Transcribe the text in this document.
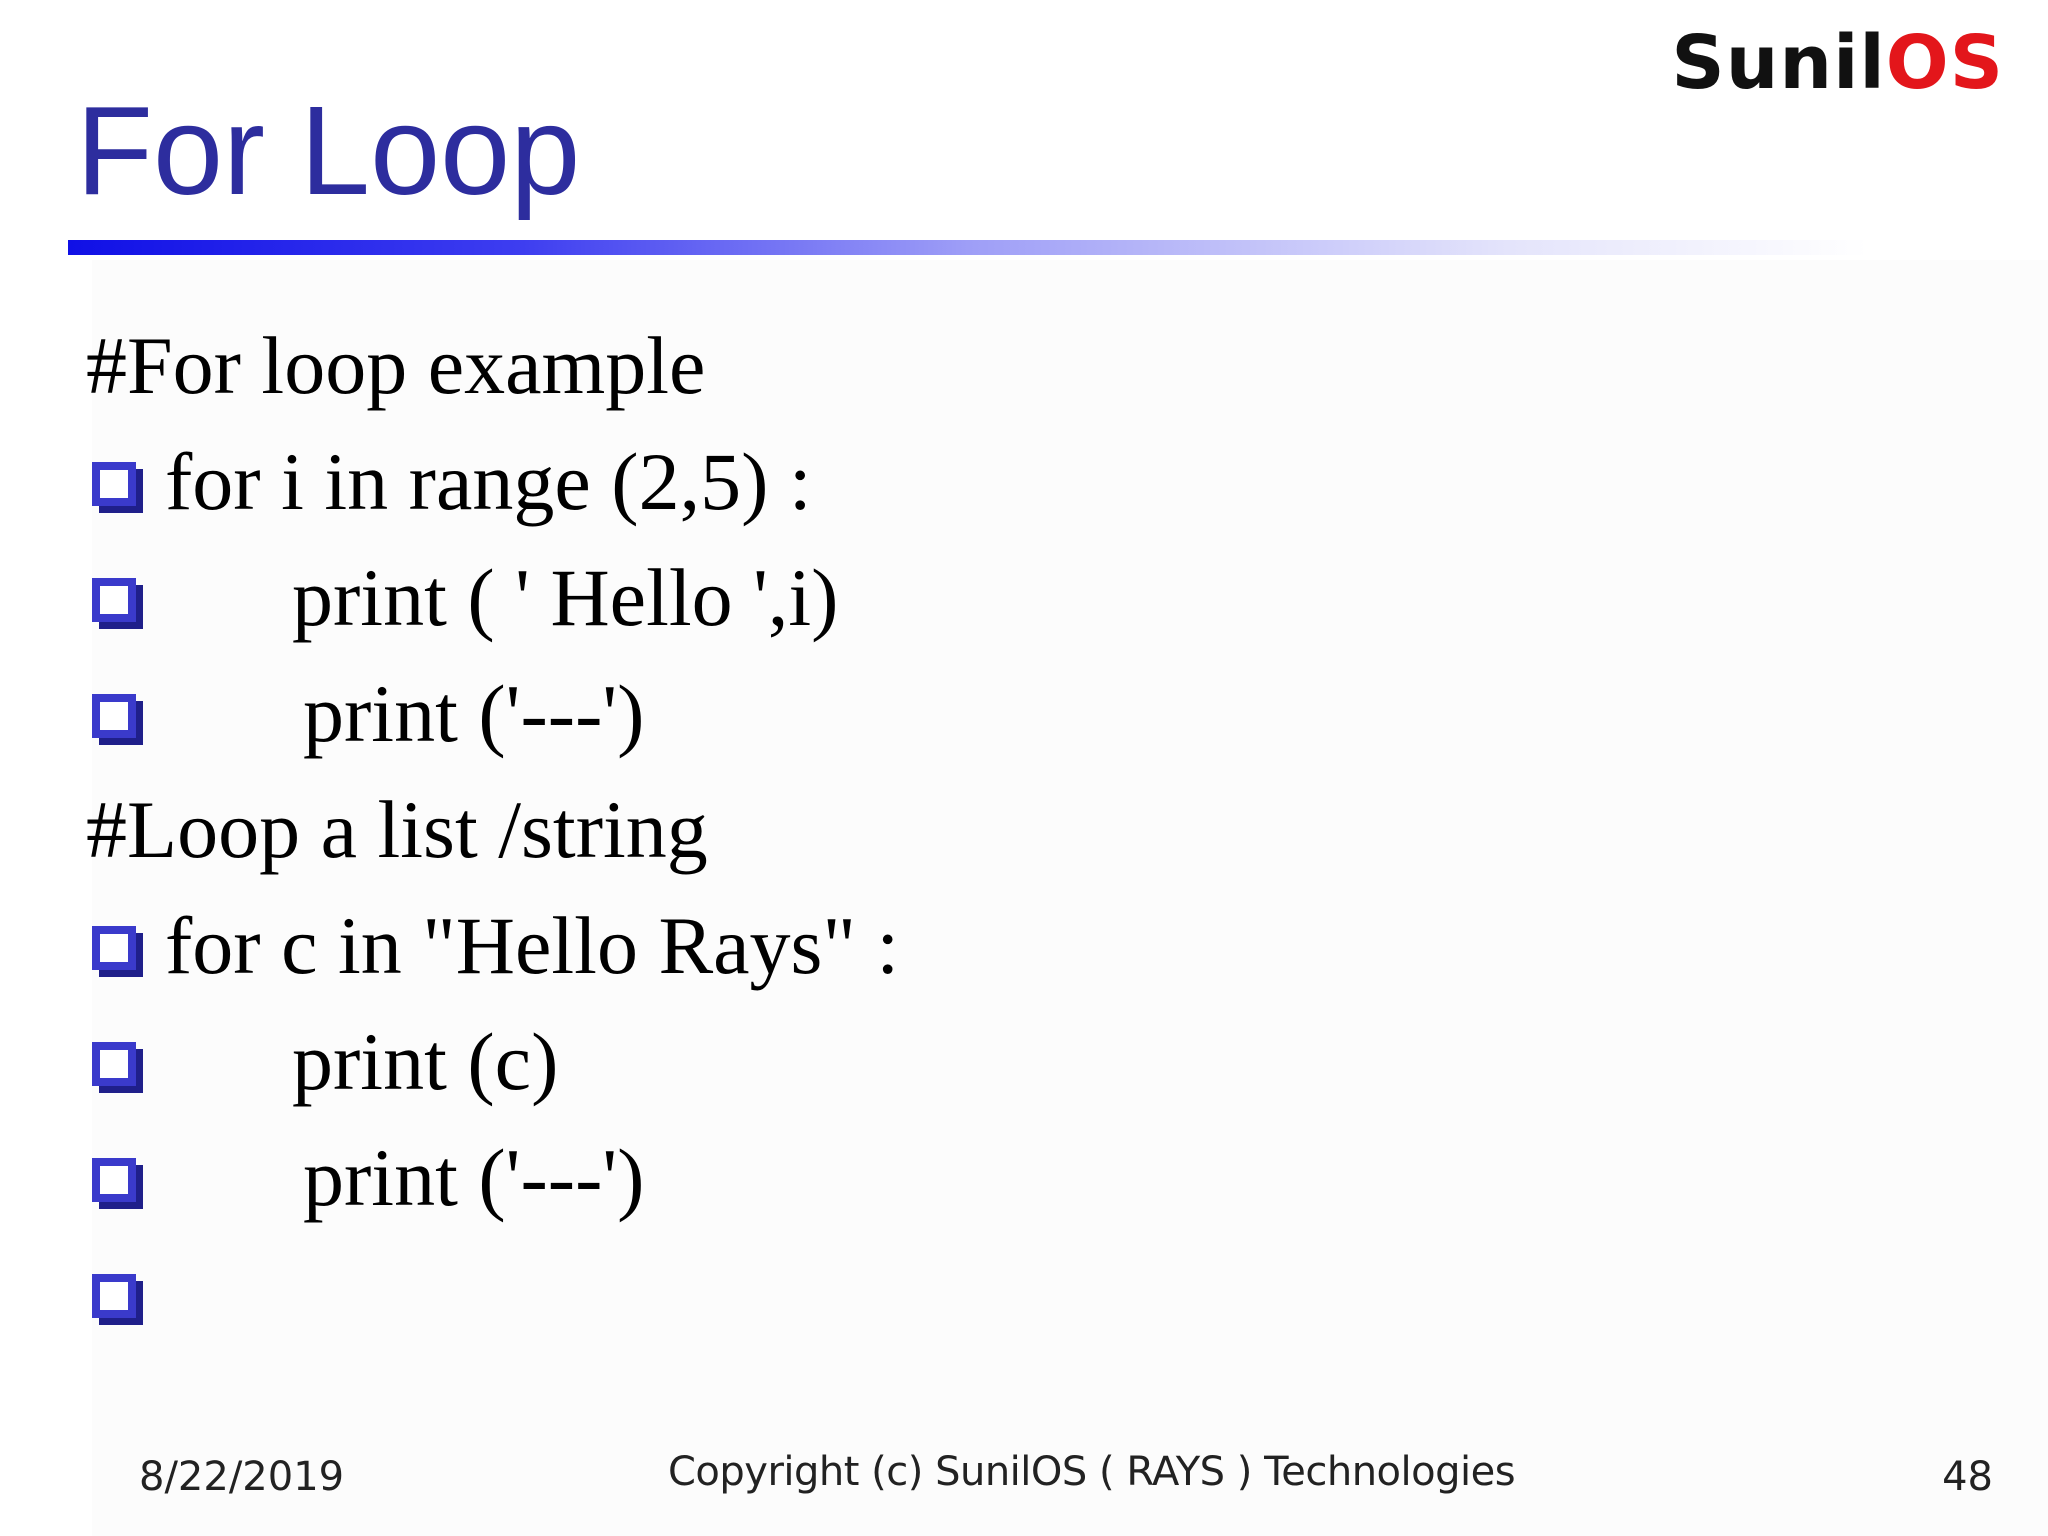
SunilOS
For Loop
#For loop example
for i in range (2,5) :
print ( ' Hello ',i)
print ('---')
#Loop a list /string
for c in "Hello Rays" :
print (c)
print ('---')
8/22/2019	Copyright (c) SunilOS ( RAYS ) Technologies	48
